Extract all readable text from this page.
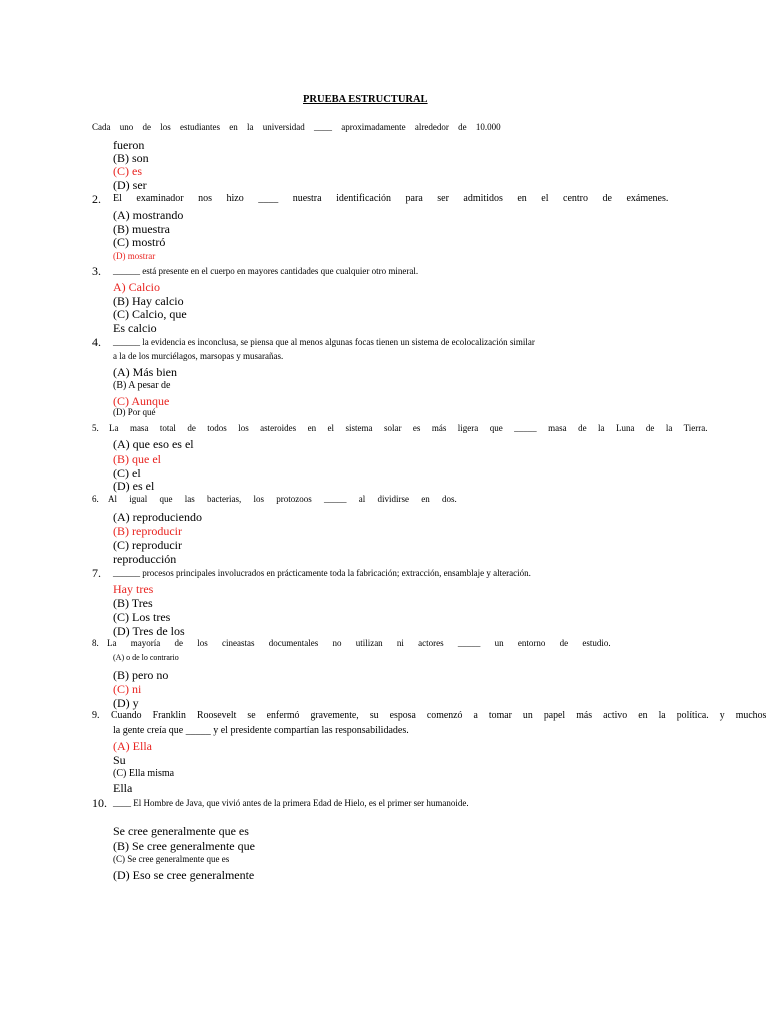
PRUEBA ESTRUCTURAL
Cada uno de los estudiantes en la universidad ____ aproximadamente alrededor de 10.000
fueron
(B) son
(C) es
(D) ser
2. El examinador nos hizo ____ nuestra identificación para ser admitidos en el centro de exámenes.
(A) mostrando
(B) muestra
(C) mostró
(D) mostrar
3. ______ está presente en el cuerpo en mayores cantidades que cualquier otro mineral.
A) Calcio
(B) Hay calcio
(C) Calcio, que
Es calcio
4. ______ la evidencia es inconclusa, se piensa que al menos algunas focas tienen un sistema de ecolocalización similar
a la de los murciélagos, marsopas y musarañas.
(A) Más bien
(B) A pesar de
(C) Aunque
(D) Por qué
5. La masa total de todos los asteroides en el sistema solar es más ligera que _____ masa de la Luna de la Tierra.
(A) que eso es el
(B) que el
(C) el
(D) es el
6. Al igual que las bacterias, los protozoos _____ al dividirse en dos.
(A) reproduciendo
(B) reproducir
(C) reproducir
reproducción
7. ______ procesos principales involucrados en prácticamente toda la fabricación; extracción, ensamblaje y alteración.
Hay tres
(B) Tres
(C) Los tres
(D) Tres de los
8. La mayoría de los cineastas documentales no utilizan ni actores _____ un entorno de estudio.
(A) o de lo contrario
(B) pero no
(C) ni
(D) y
9. Cuando Franklin Roosevelt se enfermó gravemente, su esposa comenzó a tomar un papel más activo en la política. y muchos
la gente creía que _____ y el presidente compartían las responsabilidades.
(A) Ella
Su
(C) Ella misma
Ella
10. ____ El Hombre de Java, que vivió antes de la primera Edad de Hielo, es el primer ser humanoide.
Se cree generalmente que es
(B) Se cree generalmente que
(C) Se cree generalmente que es
(D) Eso se cree generalmente
